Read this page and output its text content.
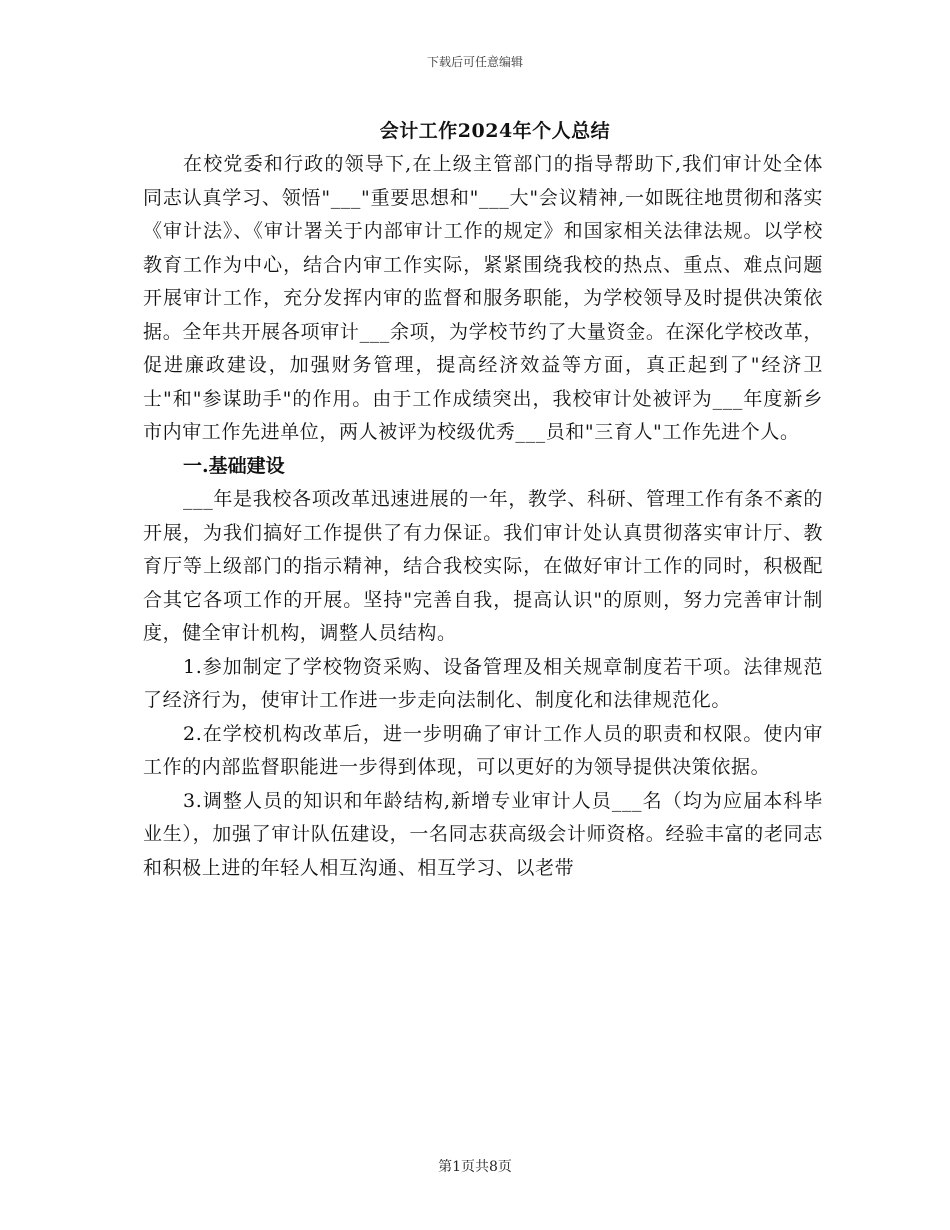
下载后可任意编辑
会计工作2024年个人总结

在校党委和行政的领导下,在上级主管部门的指导帮助下,我们审计处全体同志认真学习、领悟"___"重要思想和"___大"会议精神,一如既往地贯彻和落实《审计法》、《审计署关于内部审计工作的规定》和国家相关法律法规。以学校教育工作为中心，结合内审工作实际，紧紧围绕我校的热点、重点、难点问题开展审计工作，充分发挥内审的监督和服务职能，为学校领导及时提供决策依据。全年共开展各项审计___余项，为学校节约了大量资金。在深化学校改革，促进廉政建设，加强财务管理，提高经济效益等方面，真正起到了"经济卫士"和"参谋助手"的作用。由于工作成绩突出，我校审计处被评为___年度新乡市内审工作先进单位，两人被评为校级优秀___员和"三育人"工作先进个人。

一.基础建设

___年是我校各项改革迅速进展的一年，教学、科研、管理工作有条不紊的开展，为我们搞好工作提供了有力保证。我们审计处认真贯彻落实审计厅、教育厅等上级部门的指示精神，结合我校实际，在做好审计工作的同时，积极配合其它各项工作的开展。坚持"完善自我，提高认识"的原则，努力完善审计制度，健全审计机构，调整人员结构。

1.参加制定了学校物资采购、设备管理及相关规章制度若干项。法律规范了经济行为，使审计工作进一步走向法制化、制度化和法律规范化。

2.在学校机构改革后，进一步明确了审计工作人员的职责和权限。使内审工作的内部监督职能进一步得到体现，可以更好的为领导提供决策依据。

3.调整人员的知识和年龄结构,新增专业审计人员___名（均为应届本科毕业生），加强了审计队伍建设，一名同志获高级会计师资格。经验丰富的老同志和积极上进的年轻人相互沟通、相互学习、以老带

第1页共8页
